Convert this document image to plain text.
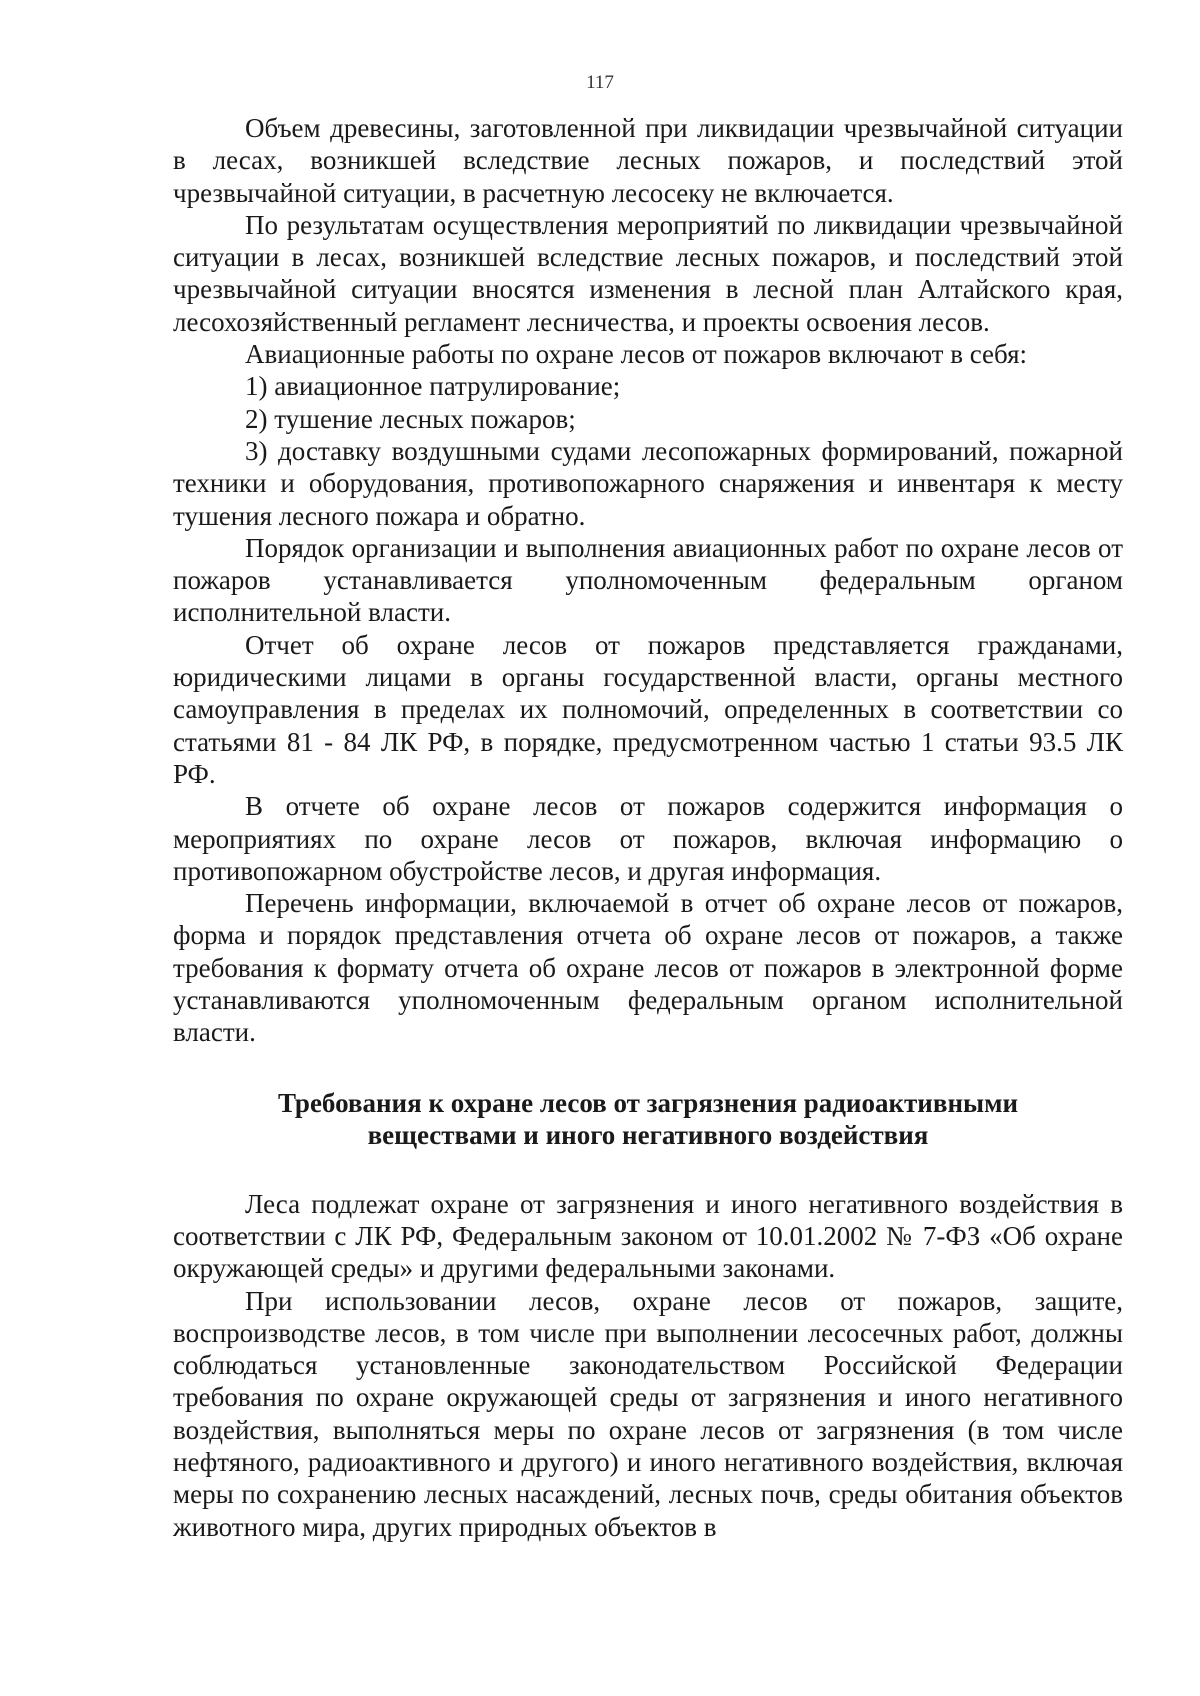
117

Объем древесины, заготовленной при ликвидации чрезвычайной ситуации в лесах, возникшей вследствие лесных пожаров, и последствий этой чрезвычайной ситуации, в расчетную лесосеку не включается.

По результатам осуществления мероприятий по ликвидации чрезвычайной ситуации в лесах, возникшей вследствие лесных пожаров, и последствий этой чрезвычайной ситуации вносятся изменения в лесной план Алтайского края, лесохозяйственный регламент лесничества, и проекты освоения лесов.

Авиационные работы по охране лесов от пожаров включают в себя:

1) авиационное патрулирование;

2) тушение лесных пожаров;

3) доставку воздушными судами лесопожарных формирований, пожарной техники и оборудования, противопожарного снаряжения и инвентаря к месту тушения лесного пожара и обратно.

Порядок организации и выполнения авиационных работ по охране лесов от пожаров устанавливается уполномоченным федеральным органом исполнительной власти.

Отчет об охране лесов от пожаров представляется гражданами, юридическими лицами в органы государственной власти, органы местного самоуправления в пределах их полномочий, определенных в соответствии со статьями 81 - 84 ЛК РФ, в порядке, предусмотренном частью 1 статьи 93.5 ЛК РФ.

В отчете об охране лесов от пожаров содержится информация о мероприятиях по охране лесов от пожаров, включая информацию о противопожарном обустройстве лесов, и другая информация.

Перечень информации, включаемой в отчет об охране лесов от пожаров, форма и порядок представления отчета об охране лесов от пожаров, а также требования к формату отчета об охране лесов от пожаров в электронной форме устанавливаются уполномоченным федеральным органом исполнительной власти.

Требования к охране лесов от загрязнения радиоактивными
веществами и иного негативного воздействия

Леса подлежат охране от загрязнения и иного негативного воздействия в соответствии с ЛК РФ, Федеральным законом от 10.01.2002 № 7-ФЗ «Об охране окружающей среды» и другими федеральными законами.

При использовании лесов, охране лесов от пожаров, защите, воспроизводстве лесов, в том числе при выполнении лесосечных работ, должны соблюдаться установленные законодательством Российской Федерации требования по охране окружающей среды от загрязнения и иного негативного воздействия, выполняться меры по охране лесов от загрязнения (в том числе нефтяного, радиоактивного и другого) и иного негативного воздействия, включая меры по сохранению лесных насаждений, лесных почв, среды обитания объектов животного мира, других природных объектов в
